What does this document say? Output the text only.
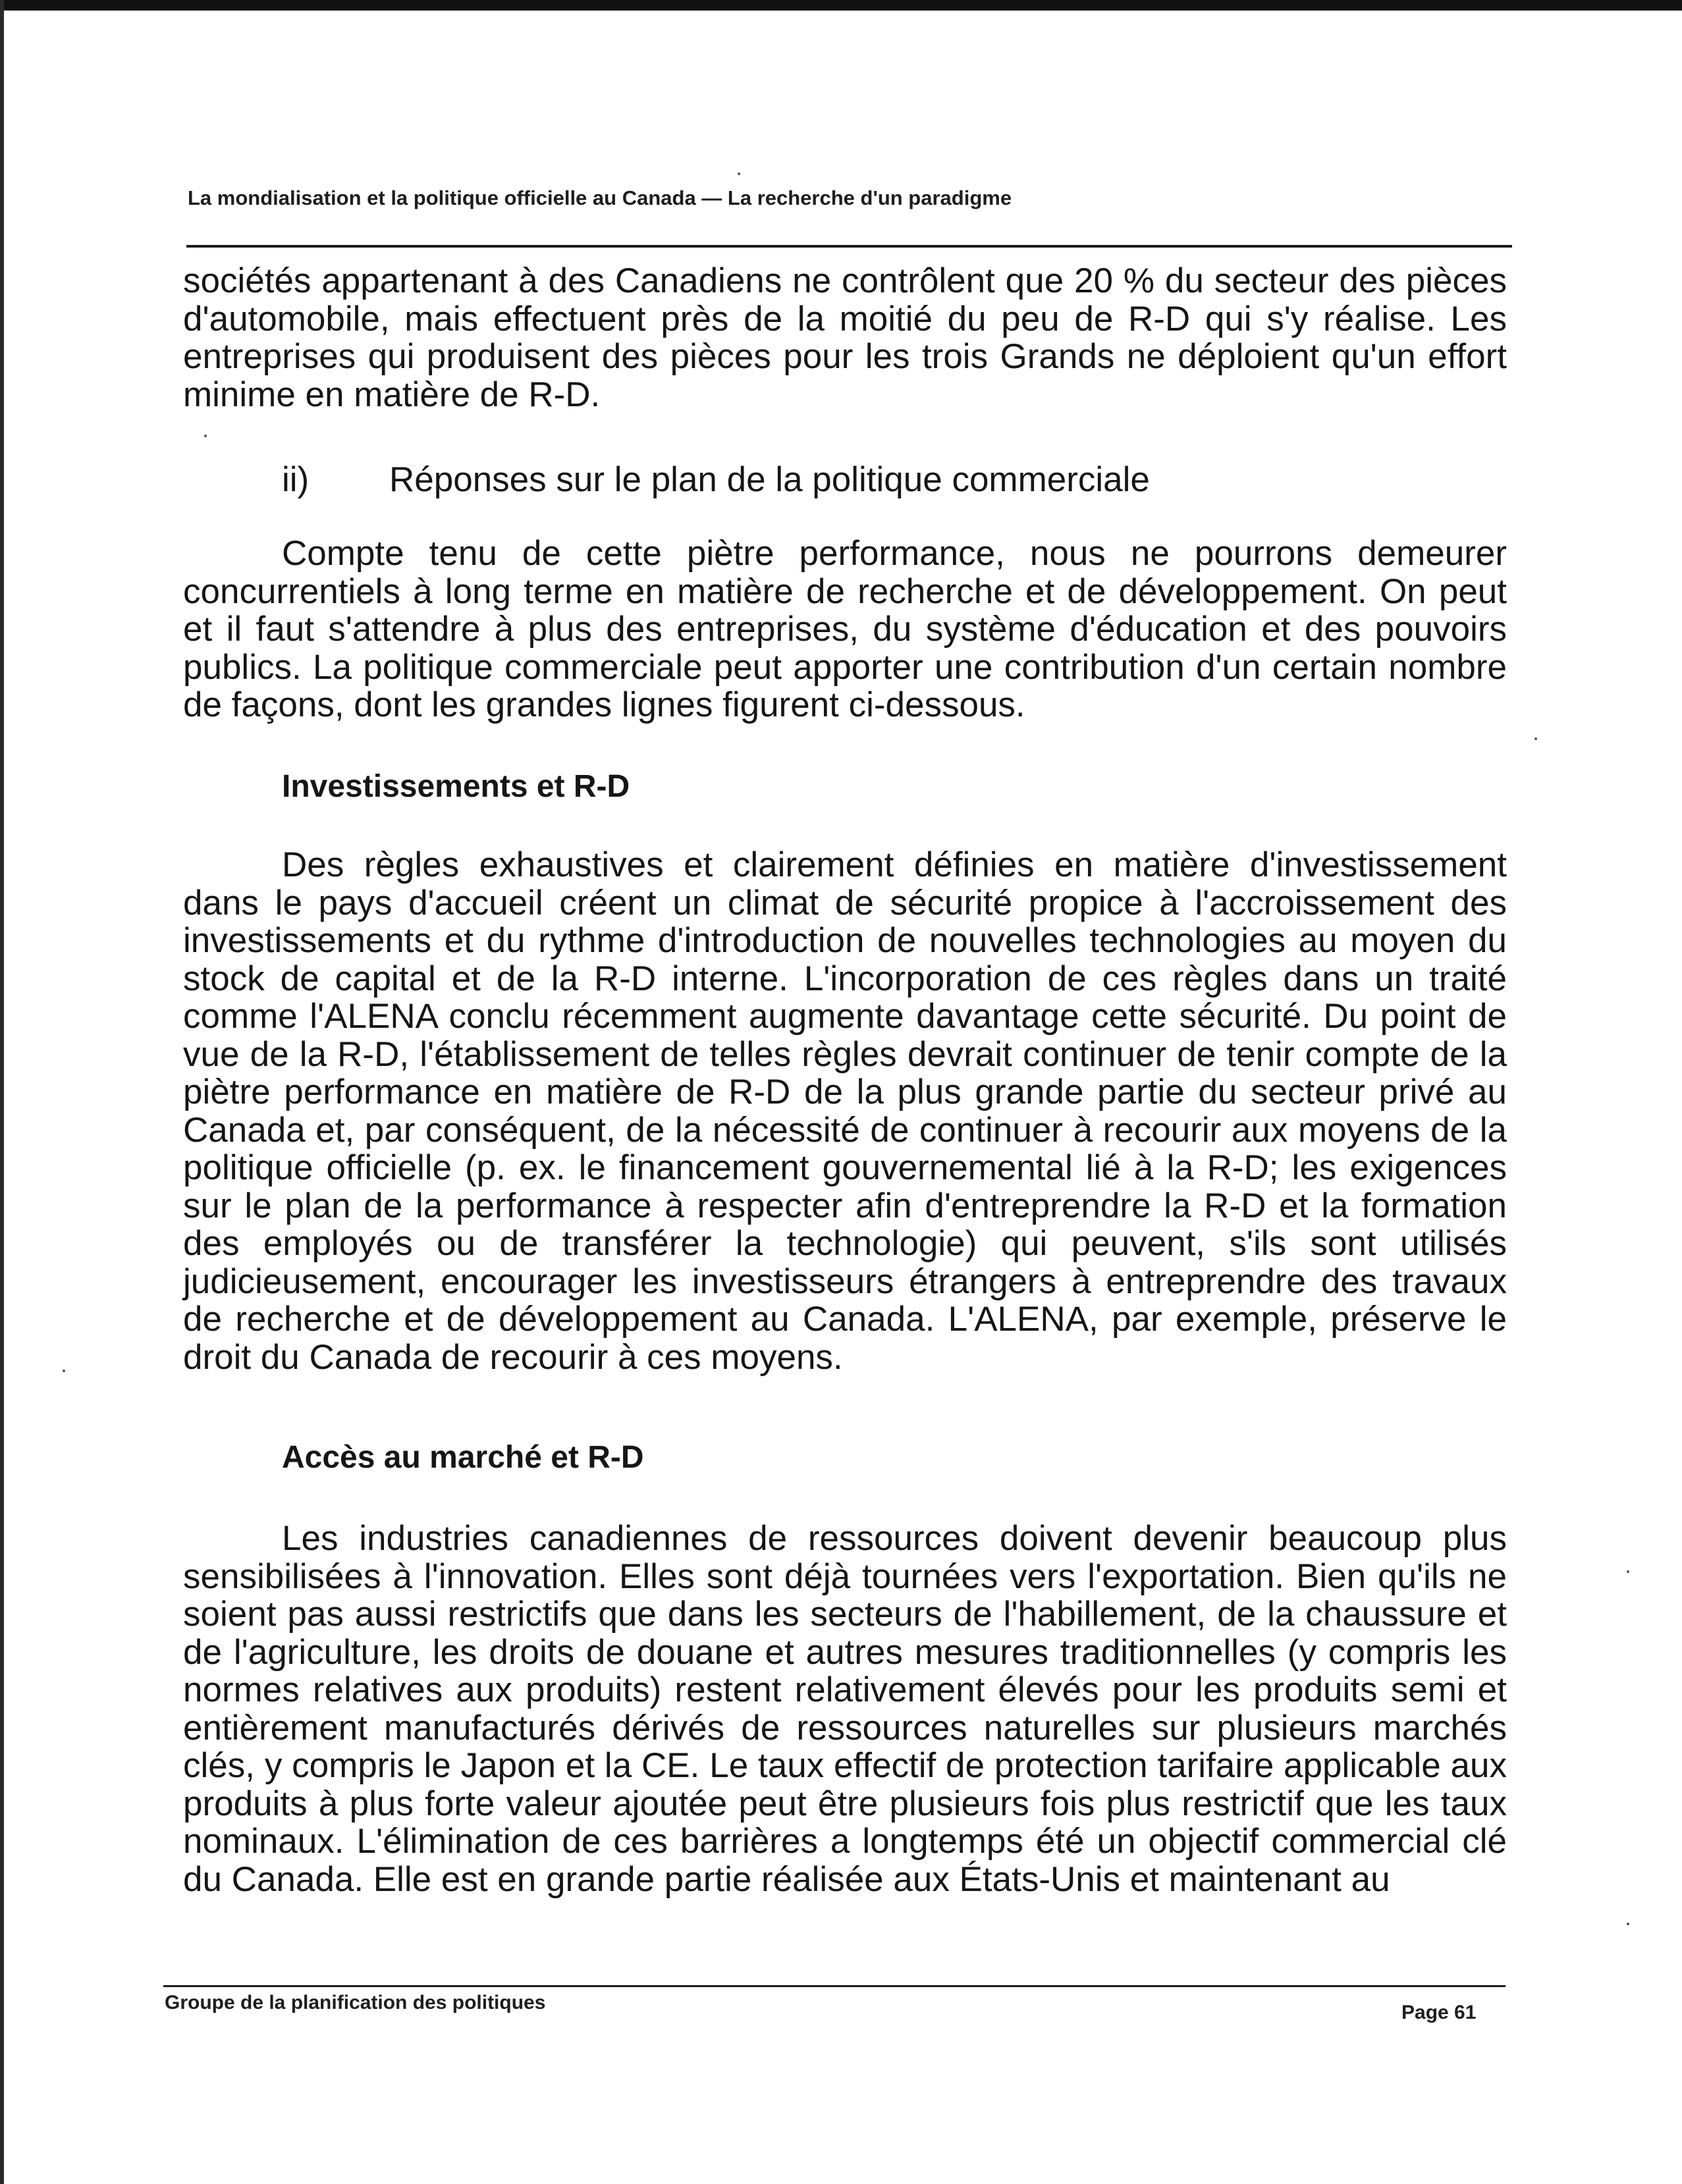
La mondialisation et la politique officielle au Canada — La recherche d'un paradigme

sociétés appartenant à des Canadiens ne contrôlent que 20 % du secteur des pièces d'automobile, mais effectuent près de la moitié du peu de R-D qui s'y réalise. Les entreprises qui produisent des pièces pour les trois Grands ne déploient qu'un effort minime en matière de R-D.

ii) Réponses sur le plan de la politique commerciale

Compte tenu de cette piètre performance, nous ne pourrons demeurer concurrentiels à long terme en matière de recherche et de développement. On peut et il faut s'attendre à plus des entreprises, du système d'éducation et des pouvoirs publics. La politique commerciale peut apporter une contribution d'un certain nombre de façons, dont les grandes lignes figurent ci-dessous.

Investissements et R-D

Des règles exhaustives et clairement définies en matière d'investissement dans le pays d'accueil créent un climat de sécurité propice à l'accroissement des investissements et du rythme d'introduction de nouvelles technologies au moyen du stock de capital et de la R-D interne. L'incorporation de ces règles dans un traité comme l'ALENA conclu récemment augmente davantage cette sécurité. Du point de vue de la R-D, l'établissement de telles règles devrait continuer de tenir compte de la piètre performance en matière de R-D de la plus grande partie du secteur privé au Canada et, par conséquent, de la nécessité de continuer à recourir aux moyens de la politique officielle (p. ex. le financement gouvernemental lié à la R-D; les exigences sur le plan de la performance à respecter afin d'entreprendre la R-D et la formation des employés ou de transférer la technologie) qui peuvent, s'ils sont utilisés judicieusement, encourager les investisseurs étrangers à entreprendre des travaux de recherche et de développement au Canada. L'ALENA, par exemple, préserve le droit du Canada de recourir à ces moyens.

Accès au marché et R-D

Les industries canadiennes de ressources doivent devenir beaucoup plus sensibilisées à l'innovation. Elles sont déjà tournées vers l'exportation. Bien qu'ils ne soient pas aussi restrictifs que dans les secteurs de l'habillement, de la chaussure et de l'agriculture, les droits de douane et autres mesures traditionnelles (y compris les normes relatives aux produits) restent relativement élevés pour les produits semi et entièrement manufacturés dérivés de ressources naturelles sur plusieurs marchés clés, y compris le Japon et la CE. Le taux effectif de protection tarifaire applicable aux produits à plus forte valeur ajoutée peut être plusieurs fois plus restrictif que les taux nominaux. L'élimination de ces barrières a longtemps été un objectif commercial clé du Canada. Elle est en grande partie réalisée aux États-Unis et maintenant au

Groupe de la planification des politiques	Page 61
